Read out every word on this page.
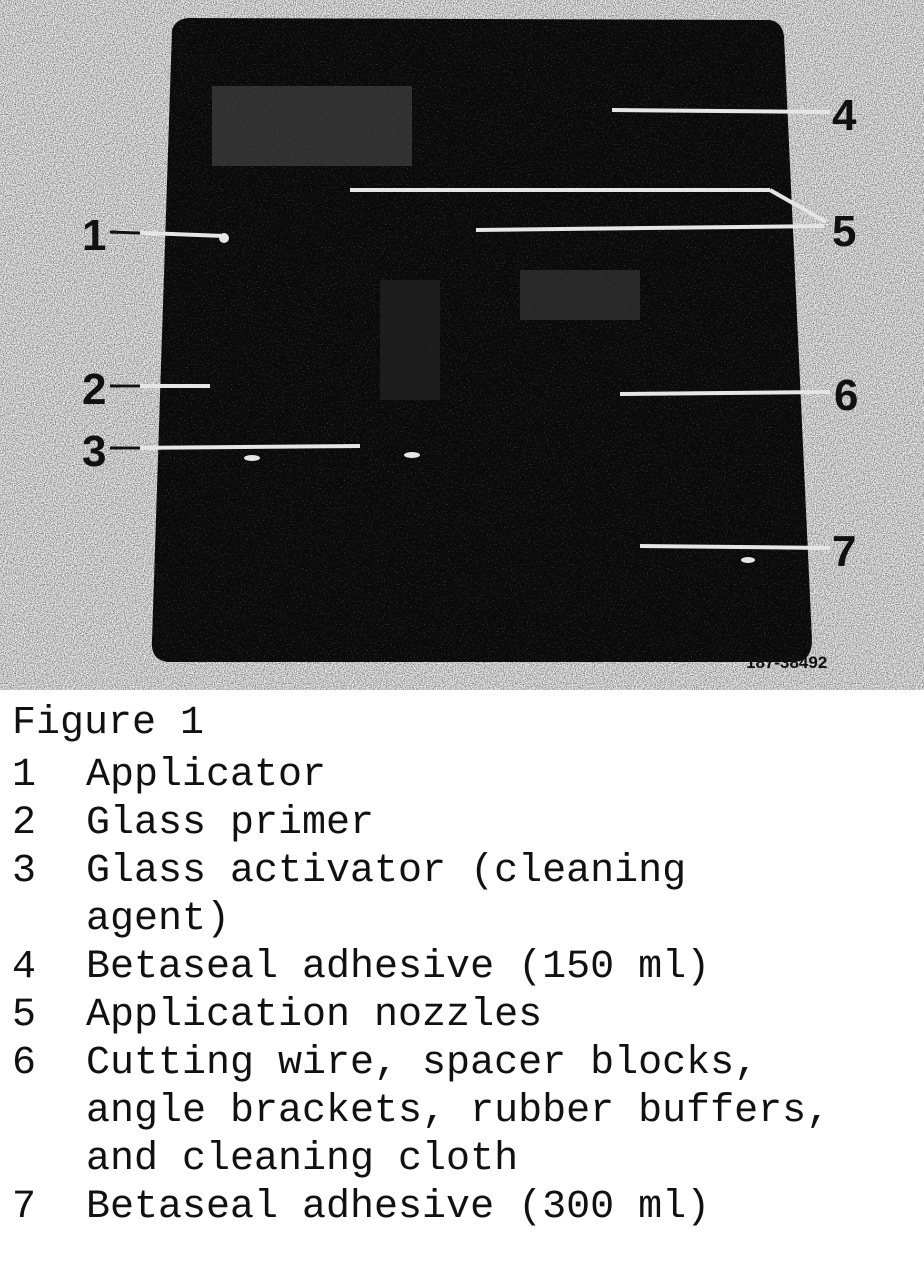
1
2
3
4
5
6
7
187-38492
Figure 1
1	Applicator
2	Glass primer
3	Glass activator (cleaning
agent)
4	Betaseal adhesive (150 ml)
5	Application nozzles
6	Cutting wire, spacer blocks,
angle brackets, rubber buffers,
and cleaning cloth
7	Betaseal adhesive (300 ml)
